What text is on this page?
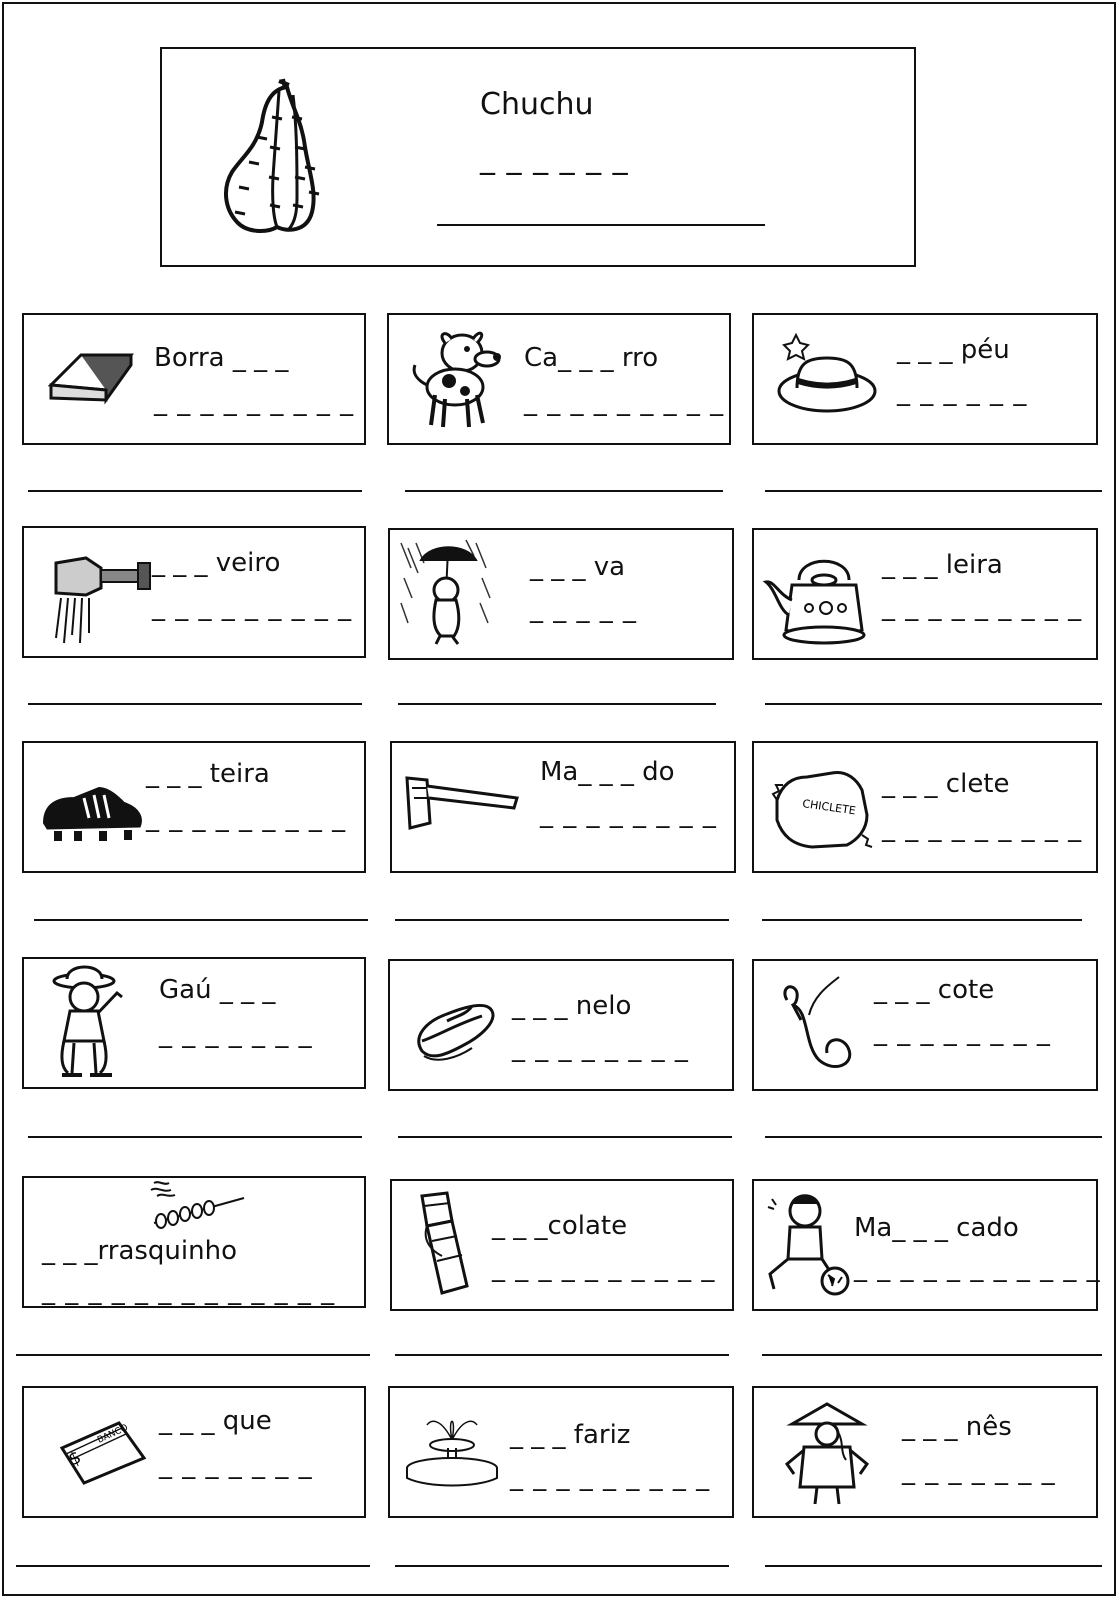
Chuchu
_ _ _ _ _ _
Borra _ _ _
_ _ _ _ _ _ _ _ _
Ca_ _ _ rro
_ _ _ _ _ _ _ _ _
_ _ _ péu
_ _ _ _ _ _
_ _ _ veiro
_ _ _ _ _ _ _ _ _
_ _ _ va
_ _ _ _ _
_ _ _ leira
_ _ _ _ _ _ _ _ _
_ _ _ teira
_ _ _ _ _ _ _ _ _
Ma_ _ _ do
_ _ _ _ _ _ _ _	CHICLETE
_ _ _ clete
_ _ _ _ _ _ _ _ _
Gaú _ _ _
_ _ _ _ _ _ _
_ _ _ nelo
_ _ _ _ _ _ _ _
_ _ _ cote
_ _ _ _ _ _ _ _
_ _ _rrasquinho
_ _ _ _ _ _ _ _ _ _ _ _ _
_ _ _colate
_ _ _ _ _ _ _ _ _ _
Ma_ _ _ cado
_ _ _ _ _ _ _ _ _ _ _
BANCO
$
_ _ _ que
_ _ _ _ _ _ _
_ _ _ fariz
_ _ _ _ _ _ _ _ _
_ _ _ nês
_ _ _ _ _ _ _
